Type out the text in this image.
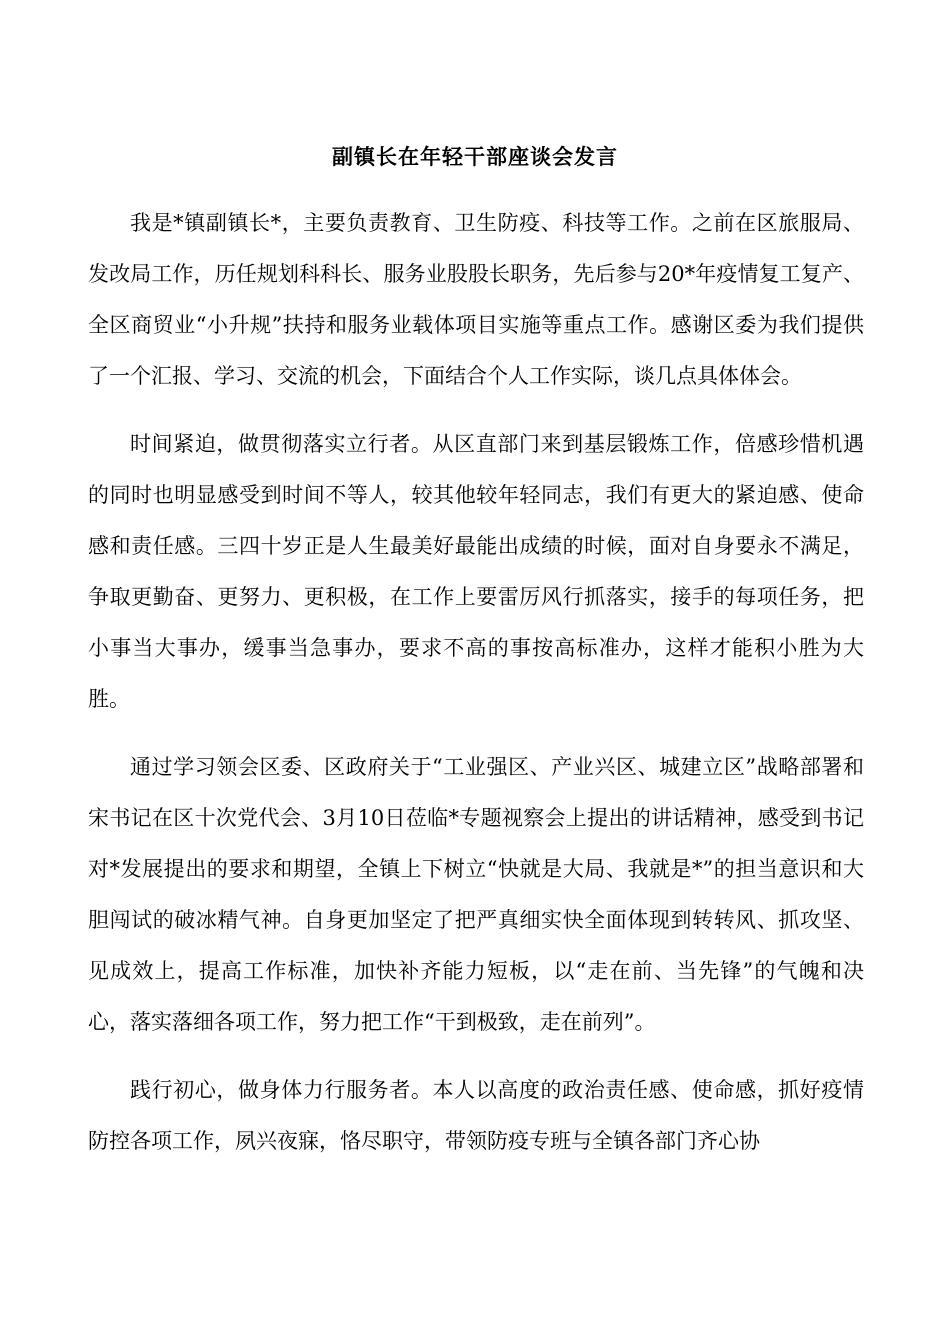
副镇长在年轻干部座谈会发言

我是*镇副镇长*，主要负责教育、卫生防疫、科技等工作。之前在区旅服局、发改局工作，历任规划科科长、服务业股股长职务，先后参与20*年疫情复工复产、全区商贸业“小升规”扶持和服务业载体项目实施等重点工作。感谢区委为我们提供了一个汇报、学习、交流的机会，下面结合个人工作实际，谈几点具体体会。

时间紧迫，做贯彻落实立行者。从区直部门来到基层锻炼工作，倍感珍惜机遇的同时也明显感受到时间不等人，较其他较年轻同志，我们有更大的紧迫感、使命感和责任感。三四十岁正是人生最美好最能出成绩的时候，面对自身要永不满足，争取更勤奋、更努力、更积极，在工作上要雷厉风行抓落实，接手的每项任务，把小事当大事办，缓事当急事办，要求不高的事按高标准办，这样才能积小胜为大胜。

通过学习领会区委、区政府关于“工业强区、产业兴区、城建立区”战略部署和宋书记在区十次党代会、3月10日莅临*专题视察会上提出的讲话精神，感受到书记对*发展提出的要求和期望，全镇上下树立“快就是大局、我就是*”的担当意识和大胆闯试的破冰精气神。自身更加坚定了把严真细实快全面体现到转转风、抓攻坚、见成效上，提高工作标准，加快补齐能力短板，以“走在前、当先锋”的气魄和决心，落实落细各项工作，努力把工作“干到极致，走在前列”。

践行初心，做身体力行服务者。本人以高度的政治责任感、使命感，抓好疫情防控各项工作，夙兴夜寐，恪尽职守，带领防疫专班与全镇各部门齐心协
